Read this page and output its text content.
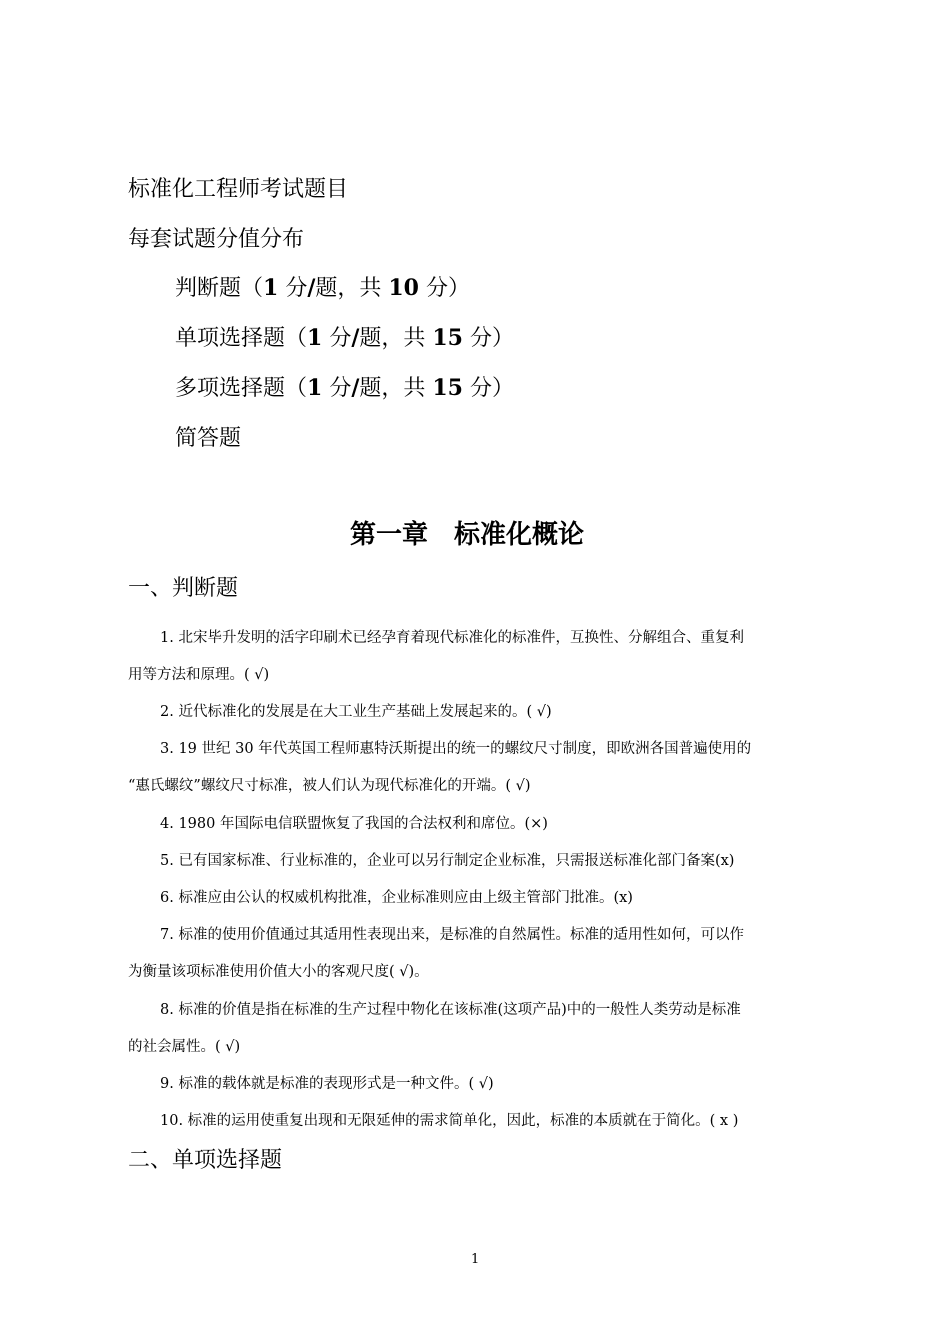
标准化工程师考试题目
每套试题分值分布
判断题（1 分/题，共 10 分）
单项选择题（1 分/题，共 15 分）
多项选择题（1 分/题，共 15 分）
简答题
第一章　标准化概论
一、判断题
1. 北宋毕升发明的活字印刷术已经孕育着现代标准化的标准件，互换性、分解组合、重复利
用等方法和原理。( √)
2. 近代标准化的发展是在大工业生产基础上发展起来的。( √)
3. 19 世纪 30 年代英国工程师惠特沃斯提出的统一的螺纹尺寸制度，即欧洲各国普遍使用的
“惠氏螺纹”螺纹尺寸标准，被人们认为现代标准化的开端。( √)
4. 1980 年国际电信联盟恢复了我国的合法权利和席位。(×)
5. 已有国家标准、行业标准的，企业可以另行制定企业标准，只需报送标准化部门备案(x)
6. 标准应由公认的权威机构批准，企业标准则应由上级主管部门批准。(x)
7. 标准的使用价值通过其适用性表现出来，是标准的自然属性。标准的适用性如何，可以作
为衡量该项标准使用价值大小的客观尺度( √)。
8. 标准的价值是指在标准的生产过程中物化在该标准(这项产品)中的一般性人类劳动是标准
的社会属性。( √)
9. 标准的载体就是标准的表现形式是一种文件。( √)
10. 标准的运用使重复出现和无限延伸的需求简单化，因此，标准的本质就在于简化。( x )
二、单项选择题
1
